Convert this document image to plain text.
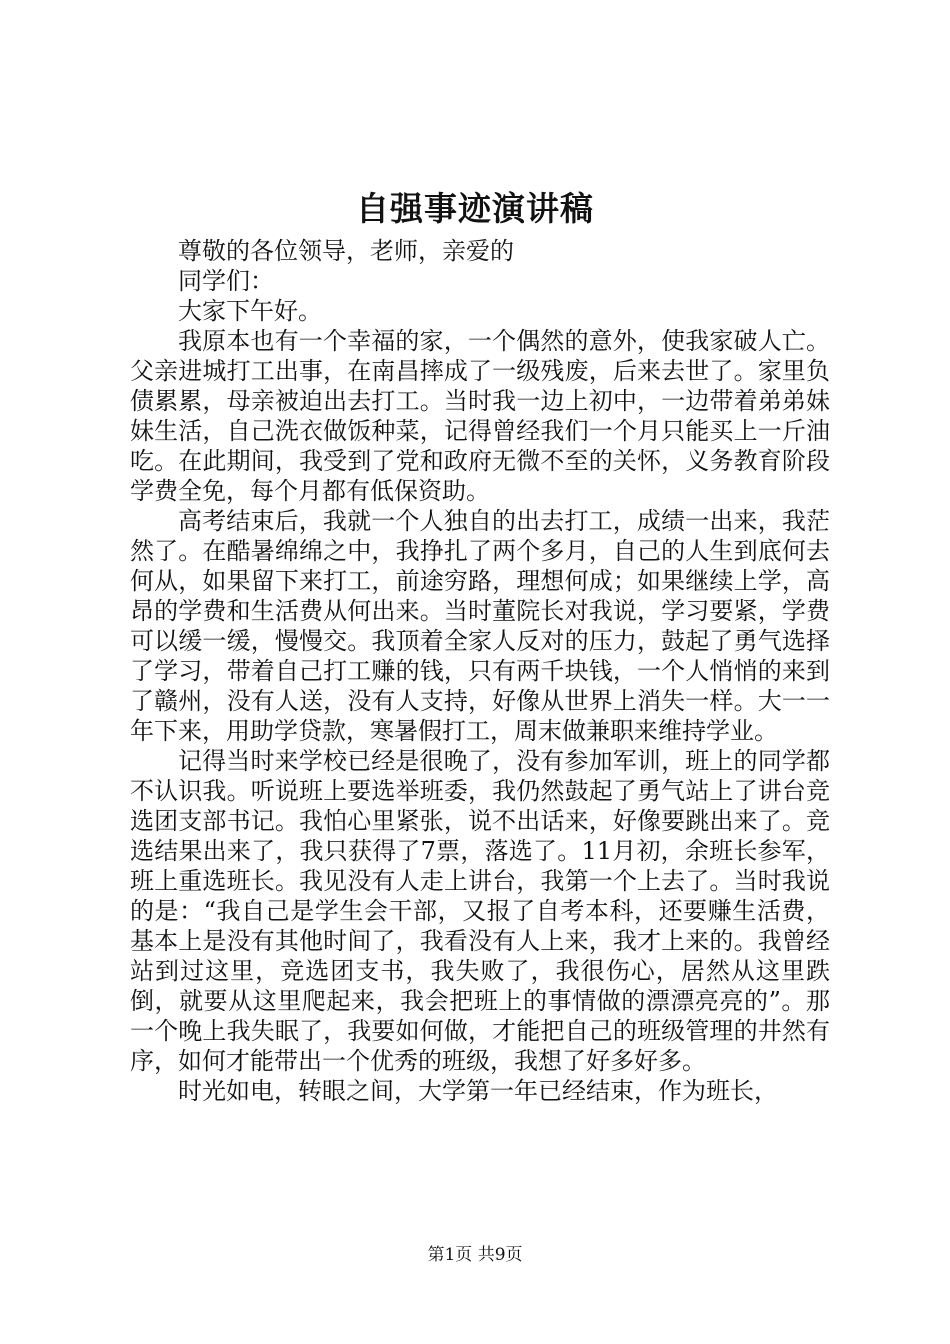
自强事迹演讲稿

尊敬的各位领导，老师，亲爱的

同学们：

大家下午好。

我原本也有一个幸福的家，一个偶然的意外，使我家破人亡。父亲进城打工出事，在南昌摔成了一级残废，后来去世了。家里负债累累，母亲被迫出去打工。当时我一边上初中，一边带着弟弟妹妹生活，自己洗衣做饭种菜，记得曾经我们一个月只能买上一斤油吃。在此期间，我受到了党和政府无微不至的关怀，义务教育阶段学费全免，每个月都有低保资助。

高考结束后，我就一个人独自的出去打工，成绩一出来，我茫然了。在酷暑绵绵之中，我挣扎了两个多月，自己的人生到底何去何从，如果留下来打工，前途穷路，理想何成；如果继续上学，高昂的学费和生活费从何出来。当时董院长对我说，学习要紧，学费可以缓一缓，慢慢交。我顶着全家人反对的压力，鼓起了勇气选择了学习，带着自己打工赚的钱，只有两千块钱，一个人悄悄的来到了赣州，没有人送，没有人支持，好像从世界上消失一样。大一一年下来，用助学贷款，寒暑假打工，周末做兼职来维持学业。

记得当时来学校已经是很晚了，没有参加军训，班上的同学都不认识我。听说班上要选举班委，我仍然鼓起了勇气站上了讲台竞选团支部书记。我怕心里紧张，说不出话来，好像要跳出来了。竞选结果出来了，我只获得了7票，落选了。11月初，余班长参军，班上重选班长。我见没有人走上讲台，我第一个上去了。当时我说的是：“我自己是学生会干部，又报了自考本科，还要赚生活费，基本上是没有其他时间了，我看没有人上来，我才上来的。我曾经站到过这里，竞选团支书，我失败了，我很伤心，居然从这里跌倒，就要从这里爬起来，我会把班上的事情做的漂漂亮亮的”。那一个晚上我失眠了，我要如何做，才能把自己的班级管理的井然有序，如何才能带出一个优秀的班级，我想了好多好多。

时光如电，转眼之间，大学第一年已经结束，作为班长，

第1页 共9页
